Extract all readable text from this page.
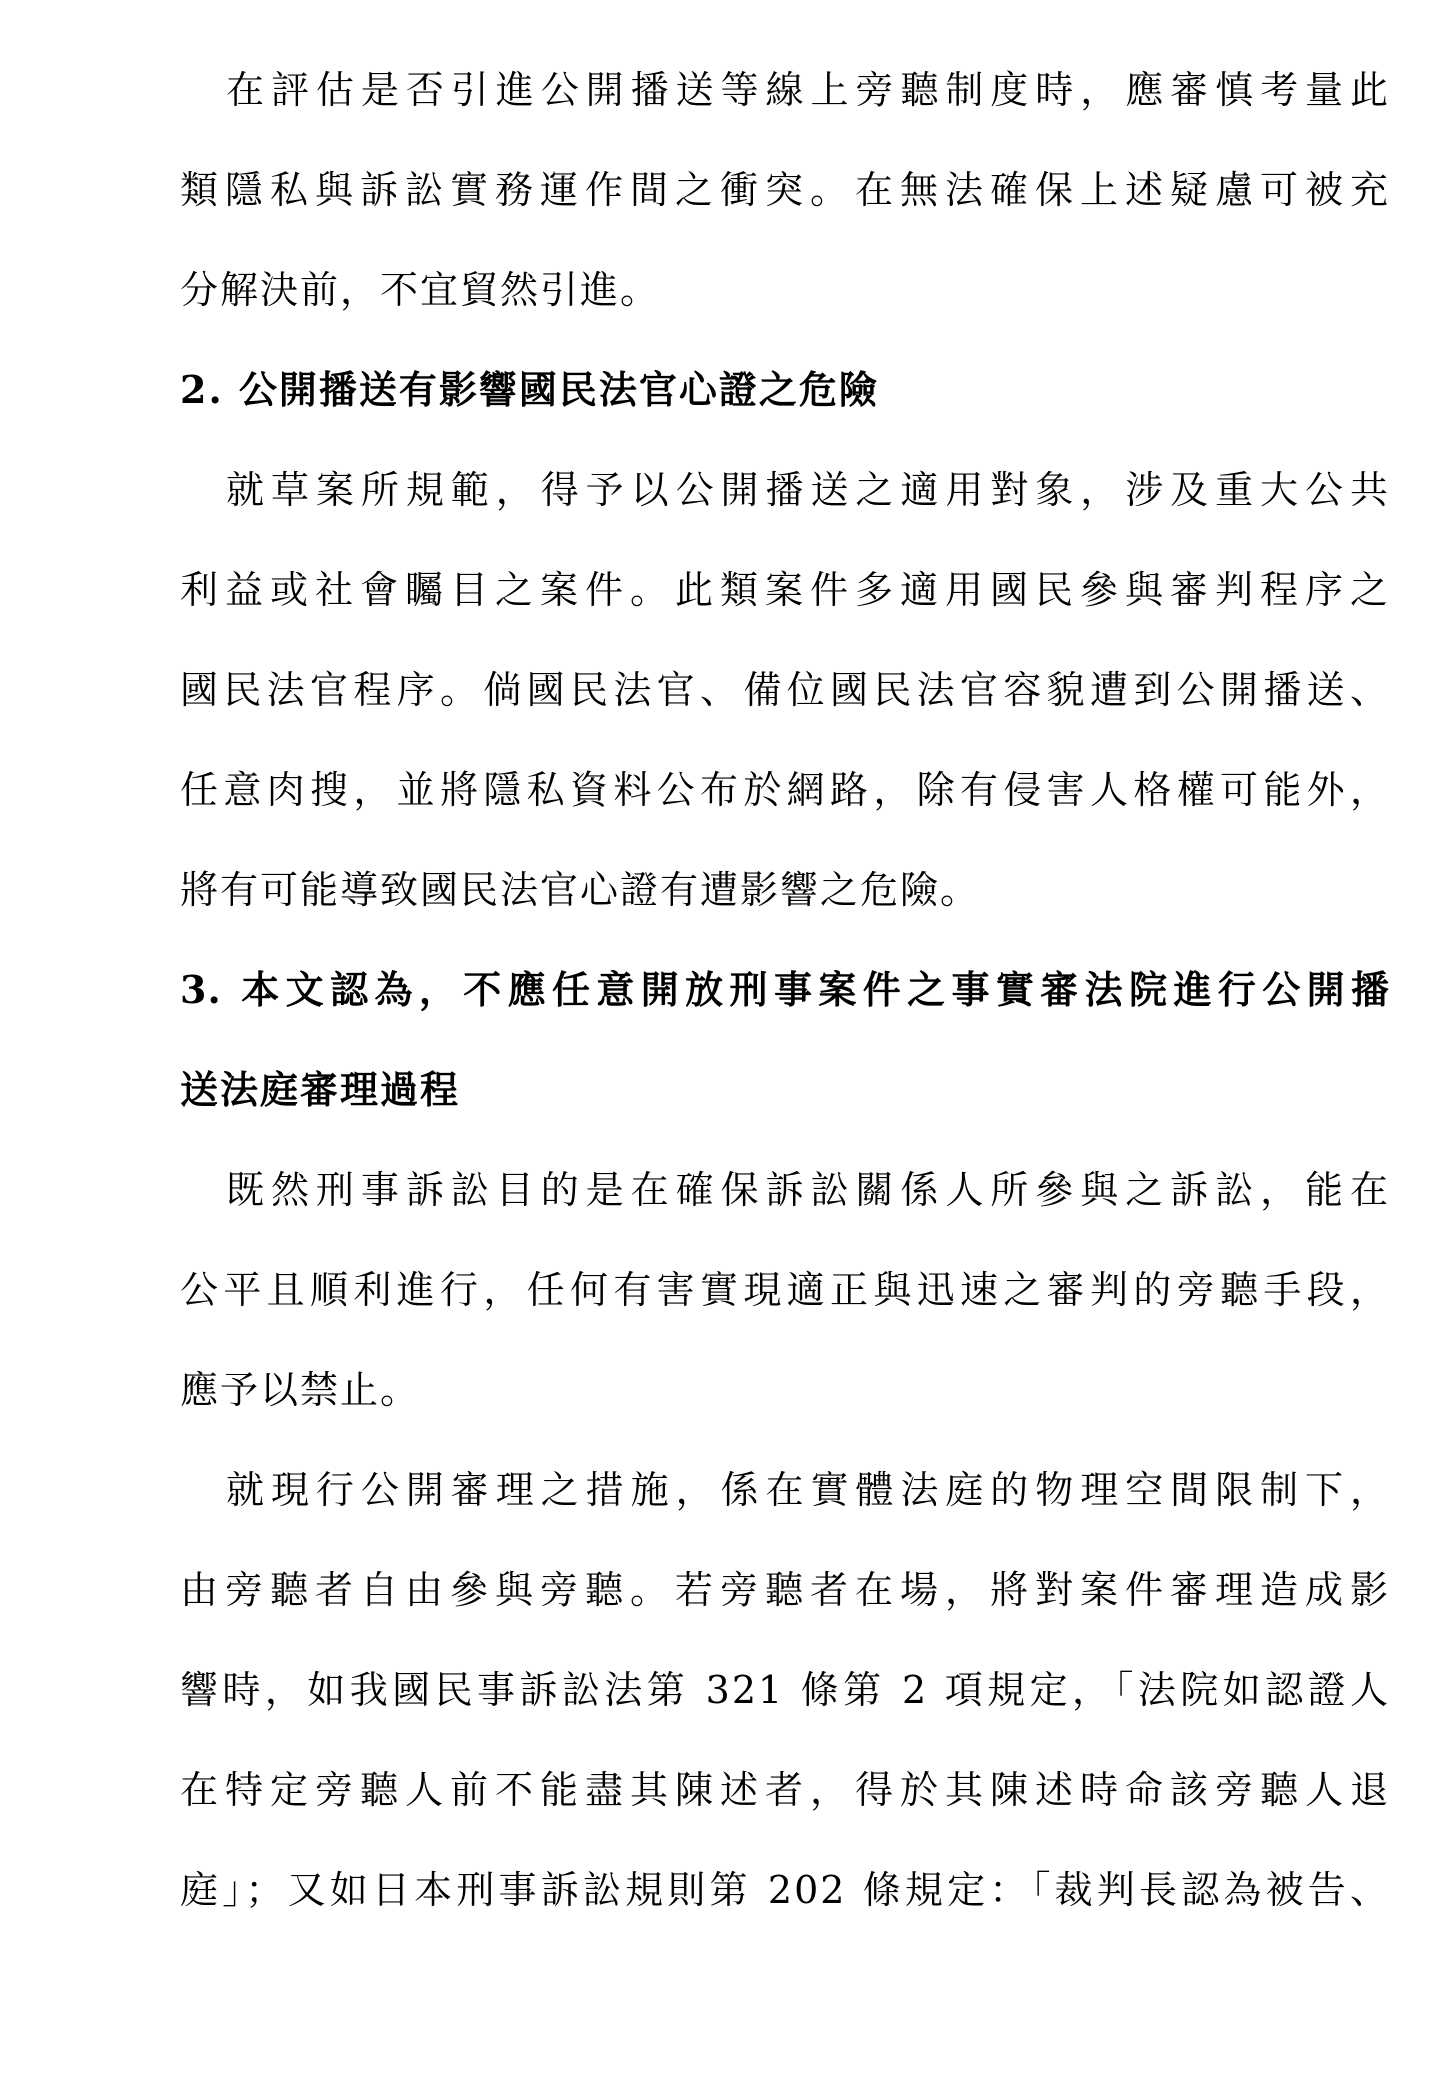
在評估是否引進公開播送等線上旁聽制度時，應審慎考量此
類隱私與訴訟實務運作間之衝突。在無法確保上述疑慮可被充
分解決前，不宜貿然引進。
2. 公開播送有影響國民法官心證之危險
就草案所規範，得予以公開播送之適用對象，涉及重大公共
利益或社會矚目之案件。此類案件多適用國民參與審判程序之
國民法官程序。倘國民法官、備位國民法官容貌遭到公開播送、
任意肉搜，並將隱私資料公布於網路，除有侵害人格權可能外，
將有可能導致國民法官心證有遭影響之危險。
3. 本文認為，不應任意開放刑事案件之事實審法院進行公開播
送法庭審理過程
既然刑事訴訟目的是在確保訴訟關係人所參與之訴訟，能在
公平且順利進行，任何有害實現適正與迅速之審判的旁聽手段，
應予以禁止。
就現行公開審理之措施，係在實體法庭的物理空間限制下，
由旁聽者自由參與旁聽。若旁聽者在場，將對案件審理造成影
響時，如我國民事訴訟法第 321 條第 2 項規定，「法院如認證人
在特定旁聽人前不能盡其陳述者，得於其陳述時命該旁聽人退
庭」；又如日本刑事訴訟規則第 202 條規定：「裁判長認為被告、
